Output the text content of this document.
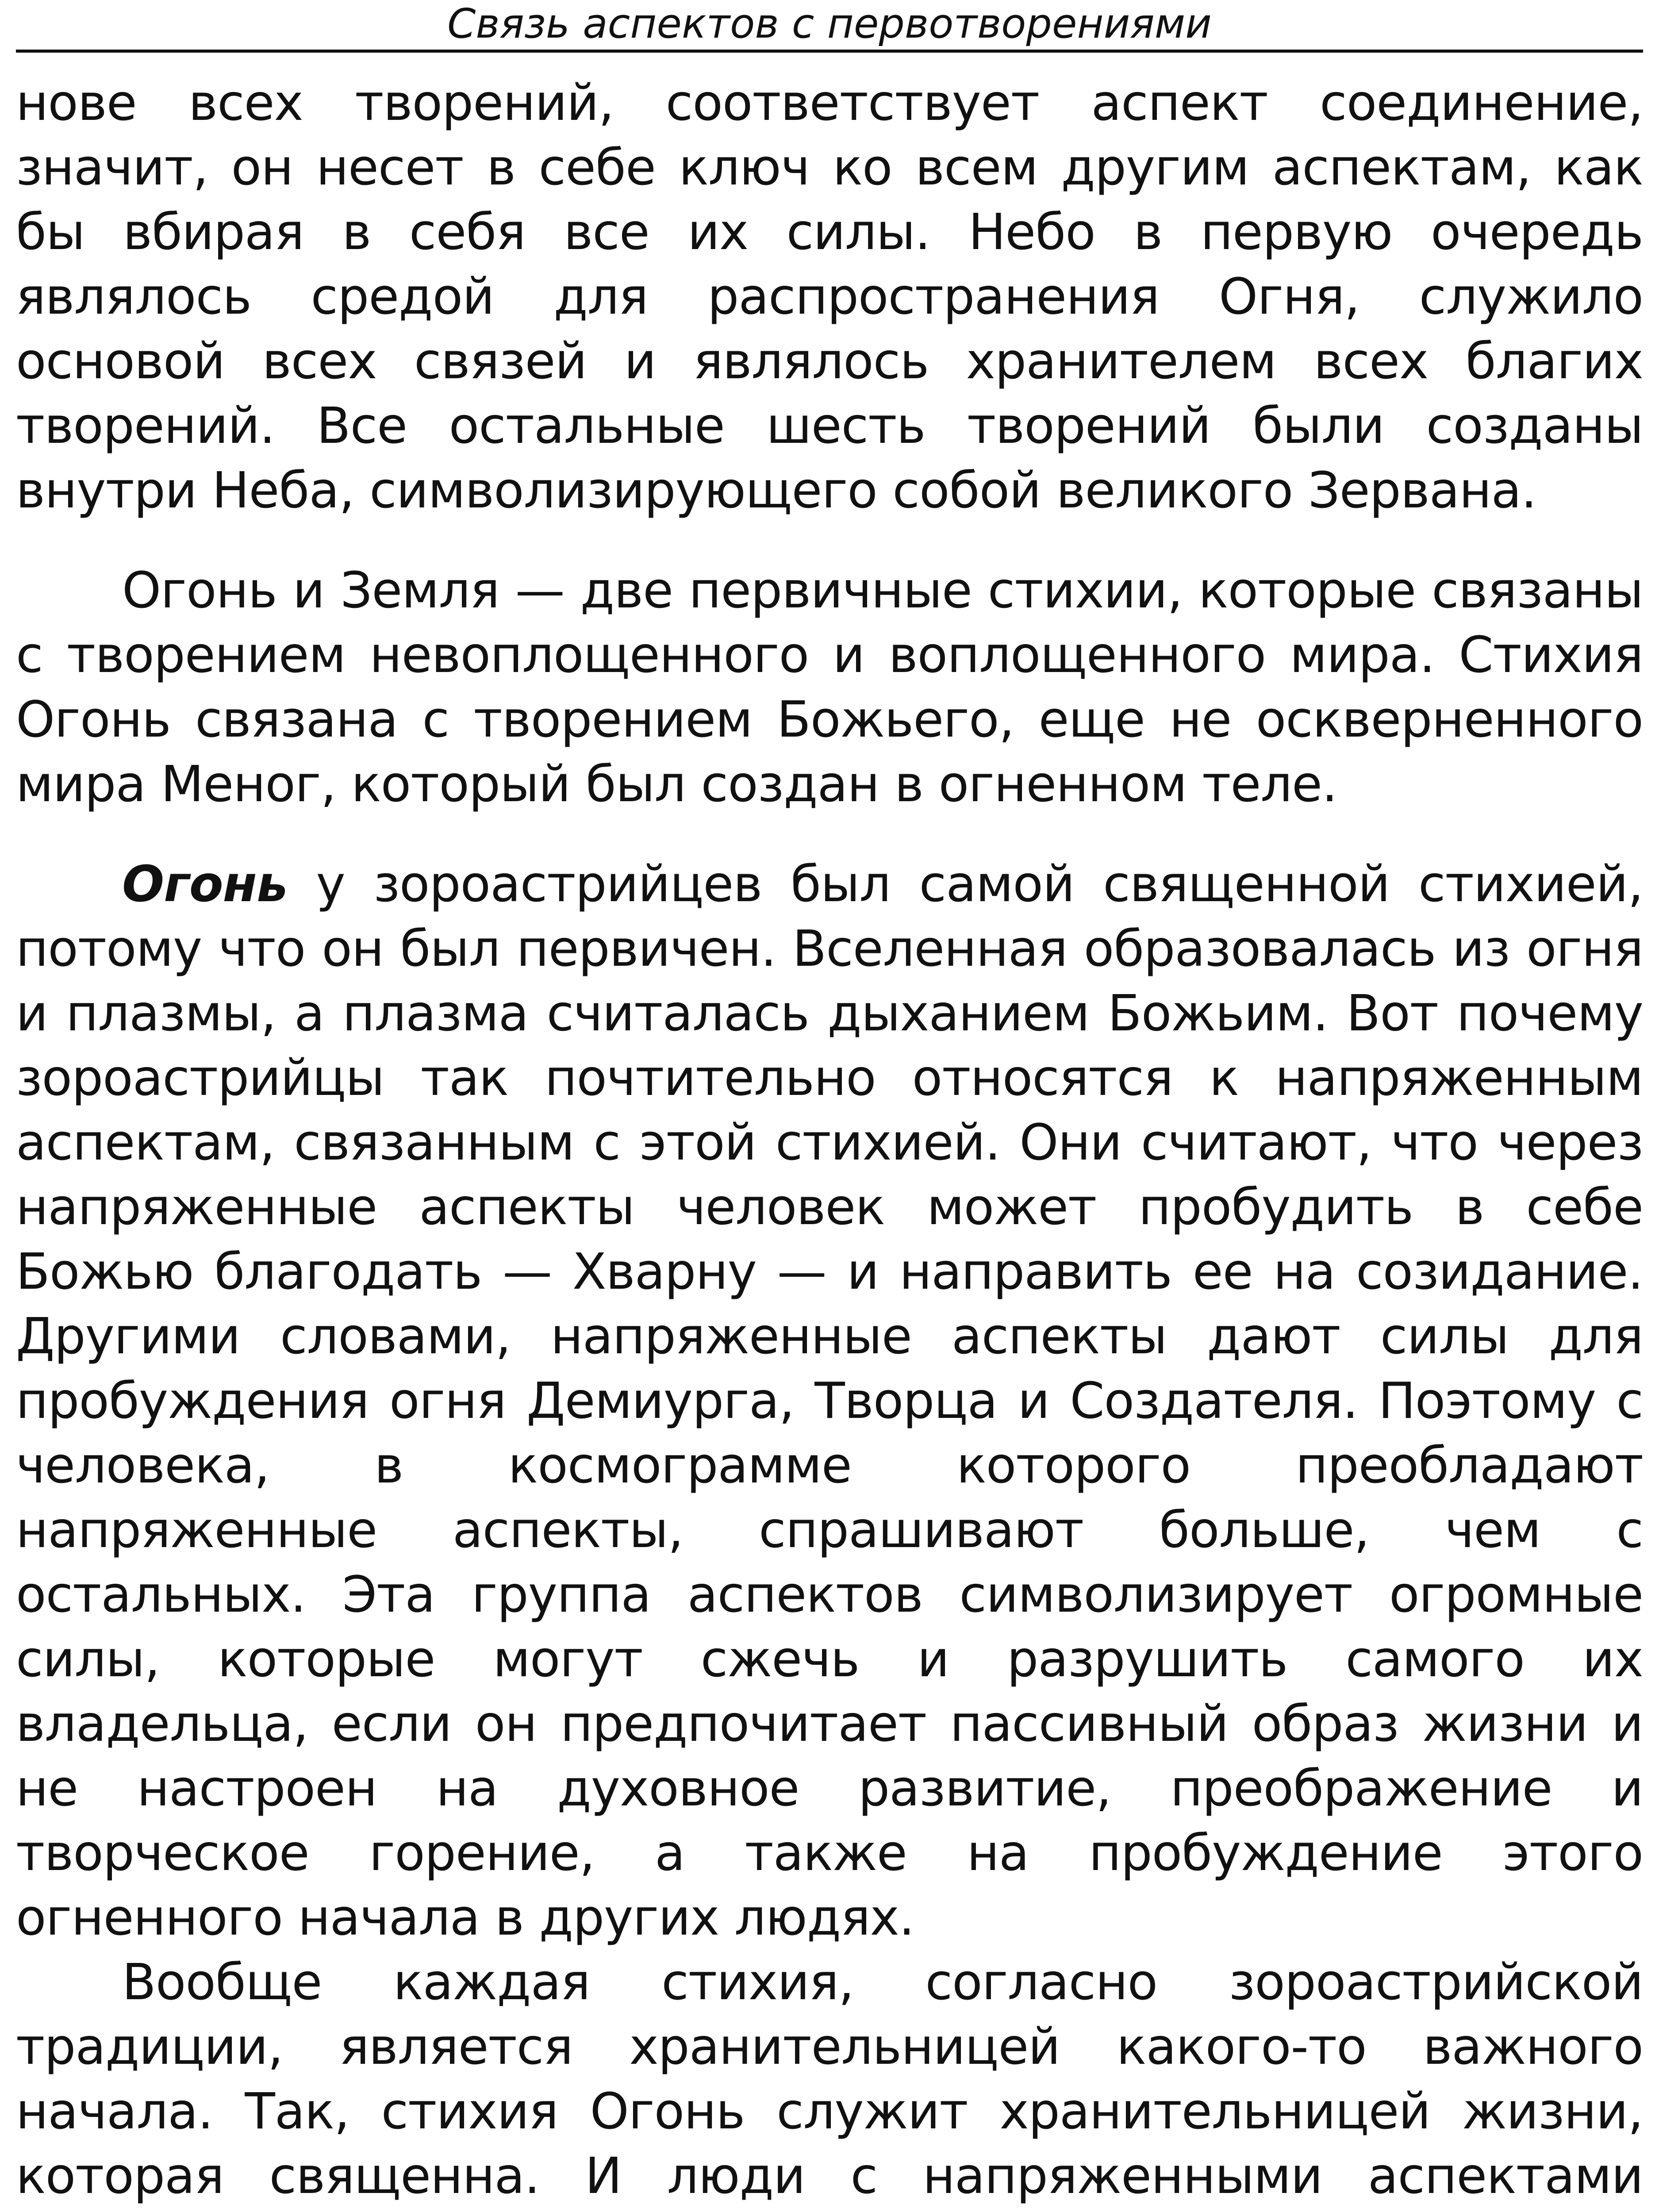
Связь аспектов с первотворениями

нове всех творений, соответствует аспект соединение, значит, он несет в себе ключ ко всем другим аспектам, как бы вбирая в себя все их силы. Небо в первую очередь являлось средой для распространения Огня, служило основой всех связей и являлось хранителем всех благих творений. Все остальные шесть творений были созданы внутри Неба, символизирующего собой великого Зервана.

Огонь и Земля — две первичные стихии, которые связаны с творением невоплощенного и воплощенного мира. Стихия Огонь связана с творением Божьего, еще не оскверненного мира Меног, который был создан в огненном теле.

Огонь у зороастрийцев был самой священной стихией, потому что он был первичен. Вселенная образовалась из огня и плазмы, а плазма считалась дыханием Божьим. Вот почему зороастрийцы так почтительно относятся к напряженным аспектам, связанным с этой стихией. Они считают, что через напряженные аспекты человек может пробудить в себе Божью благодать — Хварну — и направить ее на созидание. Другими словами, напряженные аспекты дают силы для пробуждения огня Демиурга, Творца и Создателя. Поэтому с человека, в космограмме которого преобладают напряженные аспекты, спрашивают больше, чем с остальных. Эта группа аспектов символизирует огромные силы, которые могут сжечь и разрушить самого их владельца, если он предпочитает пассивный образ жизни и не настроен на духовное развитие, преображение и творческое горение, а также на пробуждение этого огненного начала в других людях.

Вообще каждая стихия, согласно зороастрийской традиции, является хранительницей какого-то важного начала. Так, стихия Огонь служит хранительницей жизни, которая священна. И люди с напряженными аспектами
